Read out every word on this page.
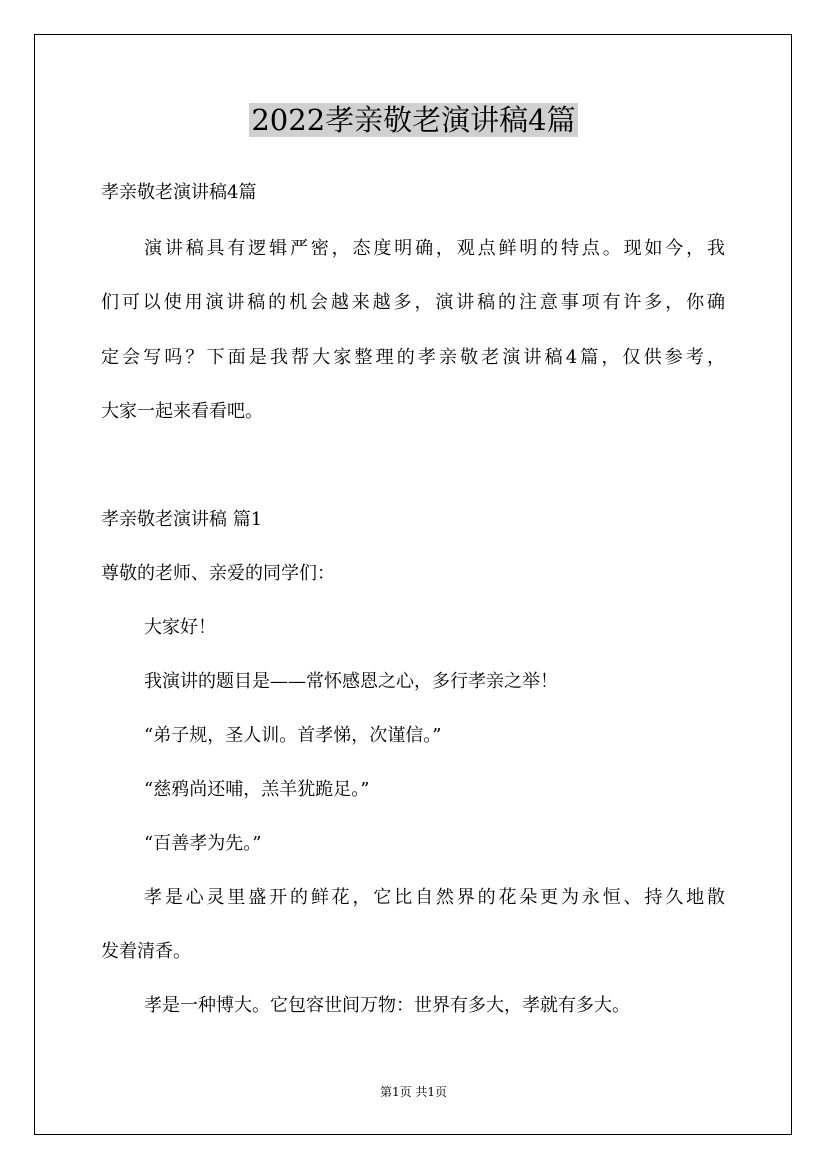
2022孝亲敬老演讲稿4篇
孝亲敬老演讲稿4篇
演讲稿具有逻辑严密，态度明确，观点鲜明的特点。现如今，我
们可以使用演讲稿的机会越来越多，演讲稿的注意事项有许多，你确
定会写吗？下面是我帮大家整理的孝亲敬老演讲稿4篇，仅供参考，
大家一起来看看吧。
孝亲敬老演讲稿 篇1
尊敬的老师、亲爱的同学们：
大家好！
我演讲的题目是——常怀感恩之心，多行孝亲之举！
“弟子规，圣人训。首孝悌，次谨信。”
“慈鸦尚还哺，羔羊犹跪足。”
“百善孝为先。”
孝是心灵里盛开的鲜花，它比自然界的花朵更为永恒、持久地散
发着清香。
孝是一种博大。它包容世间万物：世界有多大，孝就有多大。
第1页 共1页
